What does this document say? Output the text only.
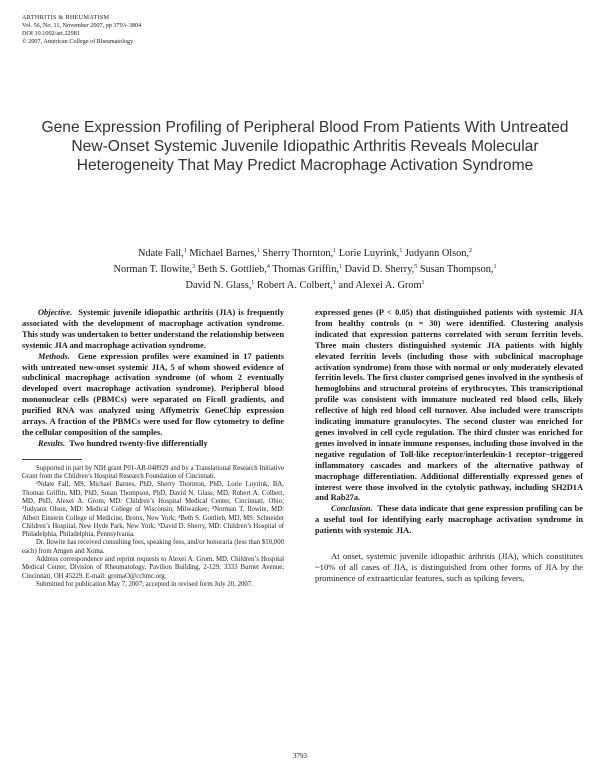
ARTHRITIS & RHEUMATISM
Vol. 56, No. 11, November 2007, pp 3793–3804
DOI 10.1002/art.22981
© 2007, American College of Rheumatology
Gene Expression Profiling of Peripheral Blood From Patients With Untreated New-Onset Systemic Juvenile Idiopathic Arthritis Reveals Molecular Heterogeneity That May Predict Macrophage Activation Syndrome
Ndate Fall,$^1$ Michael Barnes,$^1$ Sherry Thornton,$^1$ Lorie Luyrink,$^1$ Judyann Olson,$^2$
Norman T. Ilowite,$^3$ Beth S. Gottlieb,$^4$ Thomas Griffin,$^1$ David D. Sherry,$^5$ Susan Thompson,$^1$
David N. Glass,$^1$ Robert A. Colbert,$^1$ and Alexei A. Grom$^1$

Objective. Systemic juvenile idiopathic arthritis (JIA) is frequently associated with the development of macrophage activation syndrome. This study was undertaken to better understand the relationship between systemic JIA and macrophage activation syndrome.

Methods. Gene expression profiles were examined in 17 patients with untreated new-onset systemic JIA, 5 of whom showed evidence of subclinical macrophage activation syndrome (of whom 2 eventually developed overt macrophage activation syndrome). Peripheral blood mononuclear cells (PBMCs) were separated on Ficoll gradients, and purified RNA was analyzed using Affymetrix GeneChip expression arrays. A fraction of the PBMCs were used for flow cytometry to define the cellular composition of the samples.

Results. Two hundred twenty-five differentially

Supported in part by NIH grant P01-AR-048929 and by a Translational Research Initiative Grant from the Children’s Hospital Research Foundation of Cincinnati.

¹Ndate Fall, MS, Michael Barnes, PhD, Sherry Thornton, PhD, Lorie Luyrink, BA, Thomas Griffin, MD, PhD, Susan Thompson, PhD, David N. Glass, MD, Robert A. Colbert, MD, PhD, Alexei A. Grom, MD: Children’s Hospital Medical Center, Cincinnati, Ohio; ²Judyann Olson, MD: Medical College of Wisconsin, Milwaukee; ³Norman T. Ilowite, MD: Albert Einstein College of Medicine, Bronx, New York; ⁴Beth S. Gottlieb, MD, MS: Schneider Children’s Hospital, New Hyde Park, New York; ⁵David D. Sherry, MD: Children’s Hospital of Philadelphia, Philadelphia, Pennsylvania.

Dr. Ilowite has received consulting fees, speaking fees, and/or honoraria (less than $10,000 each) from Amgen and Xoma.

Address correspondence and reprint requests to Alexei A. Grom, MD, Children’s Hospital Medical Center, Division of Rheumatology, Pavilion Building, 2-129, 3333 Burnet Avenue, Cincinnati, OH 45229. E-mail: gromaO@cchmc.org.

Submitted for publication May 7, 2007; accepted in revised form July 20, 2007.

expressed genes (P < 0.05) that distinguished patients with systemic JIA from healthy controls (n = 30) were identified. Clustering analysis indicated that expression patterns correlated with serum ferritin levels. Three main clusters distinguished systemic JIA patients with highly elevated ferritin levels (including those with subclinical macrophage activation syndrome) from those with normal or only moderately elevated ferritin levels. The first cluster comprised genes involved in the synthesis of hemoglobins and structural proteins of erythrocytes. This transcriptional profile was consistent with immature nucleated red blood cells, likely reflective of high red blood cell turnover. Also included were transcripts indicating immature granulocytes. The second cluster was enriched for genes involved in cell cycle regulation. The third cluster was enriched for genes involved in innate immune responses, including those involved in the negative regulation of Toll-like receptor/interleukin-1 receptor–triggered inflammatory cascades and markers of the alternative pathway of macrophage differentiation. Additional differentially expressed genes of interest were those involved in the cytolytic pathway, including SH2D1A and Rab27a.

Conclusion. These data indicate that gene expression profiling can be a useful tool for identifying early macrophage activation syndrome in patients with systemic JIA.

At onset, systemic juvenile idiopathic arthritis (JIA), which constitutes ~10% of all cases of JIA, is distinguished from other forms of JIA by the prominence of extraarticular features, such as spiking fevers,

3793
